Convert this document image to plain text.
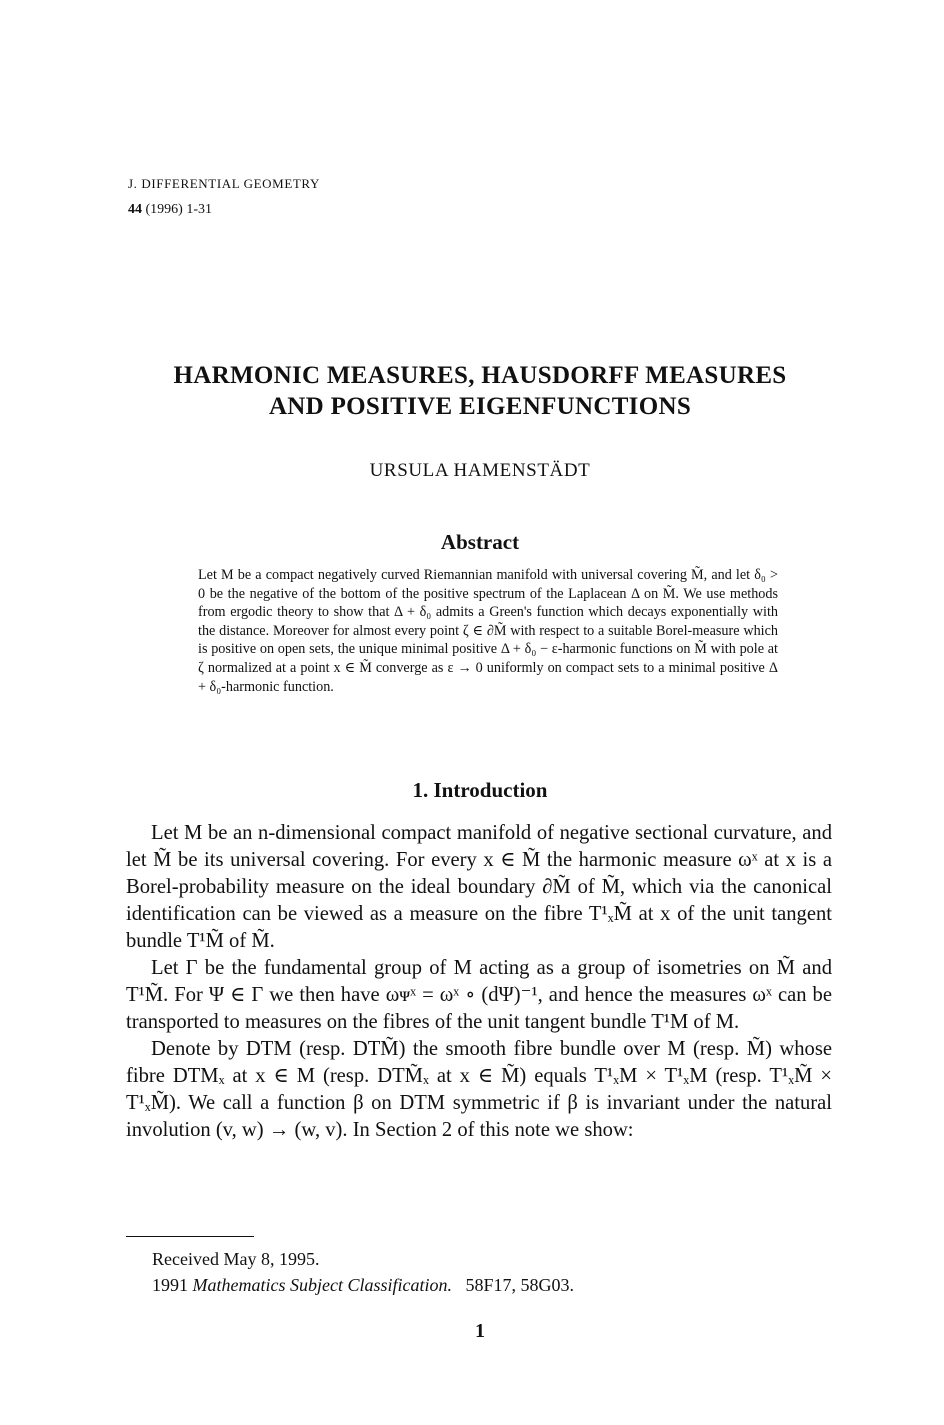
J. DIFFERENTIAL GEOMETRY
44 (1996) 1-31
HARMONIC MEASURES, HAUSDORFF MEASURES
AND POSITIVE EIGENFUNCTIONS
URSULA HAMENSTÄDT
Abstract
Let M be a compact negatively curved Riemannian manifold with universal covering M̃, and let δ₀ > 0 be the negative of the bottom of the positive spectrum of the Laplacean Δ on M̃. We use methods from ergodic theory to show that Δ + δ₀ admits a Green's function which decays exponentially with the distance. Moreover for almost every point ζ ∈ ∂M̃ with respect to a suitable Borel-measure which is positive on open sets, the unique minimal positive Δ + δ₀ − ε-harmonic functions on M̃ with pole at ζ normalized at a point x ∈ M̃ converge as ε → 0 uniformly on compact sets to a minimal positive Δ + δ₀-harmonic function.
1. Introduction

Let M be an n-dimensional compact manifold of negative sectional curvature, and let M̃ be its universal covering. For every x ∈ M̃ the harmonic measure ωˣ at x is a Borel-probability measure on the ideal boundary ∂M̃ of M̃, which via the canonical identification can be viewed as a measure on the fibre T¹ₓM̃ at x of the unit tangent bundle T¹M̃ of M̃.

Let Γ be the fundamental group of M acting as a group of isometries on M̃ and T¹M̃. For Ψ ∈ Γ we then have ωᴪˣ = ωˣ ∘ (dΨ)⁻¹, and hence the measures ωˣ can be transported to measures on the fibres of the unit tangent bundle T¹M of M.

Denote by DTM (resp. DTM̃) the smooth fibre bundle over M (resp. M̃) whose fibre DTMₓ at x ∈ M (resp. DTM̃ₓ at x ∈ M̃) equals T¹ₓM × T¹ₓM (resp. T¹ₓM̃ × T¹ₓM̃). We call a function β on DTM symmetric if β is invariant under the natural involution (v, w) → (w, v). In Section 2 of this note we show:

Received May 8, 1995.
1991 Mathematics Subject Classification. 58F17, 58G03.
1
